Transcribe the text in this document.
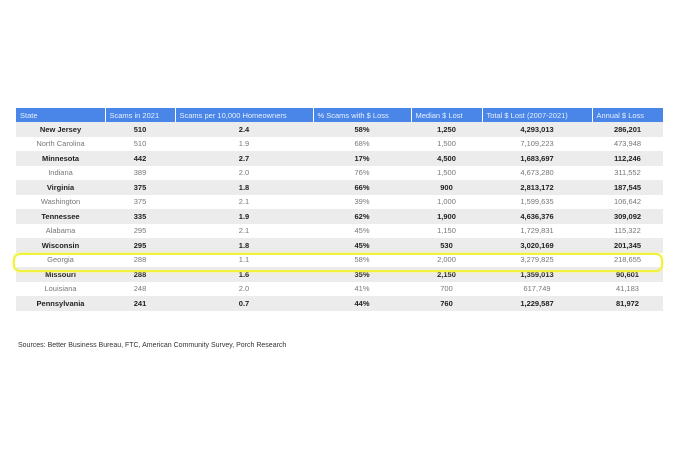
State	Scams in 2021	Scams per 10,000 Homeowners	% Scams with $ Loss	Median $ Lost	Total $ Lost (2007-2021)	Annual $ Loss
New Jersey	510	2.4	58%	1,250	4,293,013	286,201
North Carolina	510	1.9	68%	1,500	7,109,223	473,948
Minnesota	442	2.7	17%	4,500	1,683,697	112,246
Indiana	389	2.0	76%	1,500	4,673,280	311,552
Virginia	375	1.8	66%	900	2,813,172	187,545
Washington	375	2.1	39%	1,000	1,599,635	106,642
Tennessee	335	1.9	62%	1,900	4,636,376	309,092
Alabama	295	2.1	45%	1,150	1,729,831	115,322
Wisconsin	295	1.8	45%	530	3,020,169	201,345
Georgia	288	1.1	58%	2,000	3,279,825	218,655
Missouri	288	1.6	35%	2,150	1,359,013	90,601
Louisiana	248	2.0	41%	700	617,749	41,183
Pennsylvania	241	0.7	44%	760	1,229,587	81,972
Sources: Better Business Bureau, FTC, American Community Survey, Porch Research
